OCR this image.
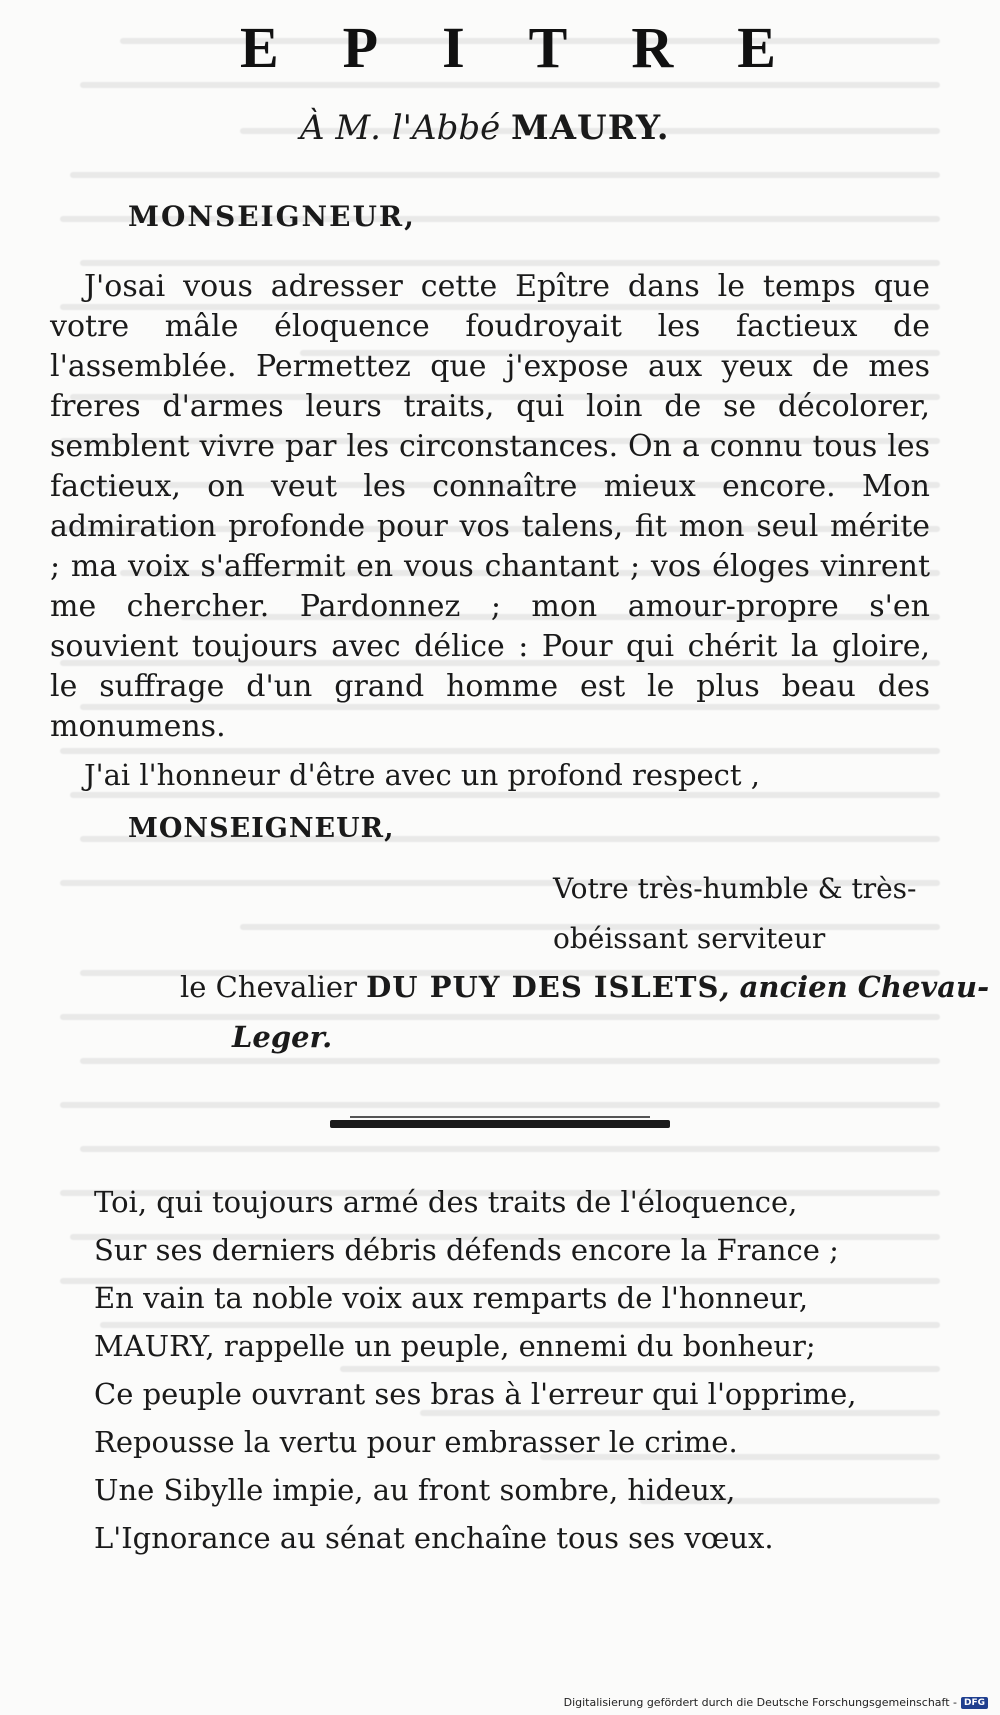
EPITRE
À M. l'Abbé MAURY.
MONSEIGNEUR,

J'osai vous adresser cette Epître dans le temps que votre mâle éloquence foudroyait les factieux de l'assemblée. Permettez que j'expose aux yeux de mes freres d'armes leurs traits, qui loin de se décolorer, semblent vivre par les circonstances. On a connu tous les factieux, on veut les connaître mieux encore. Mon admiration profonde pour vos talens, fit mon seul mérite ; ma voix s'affermit en vous chantant ; vos éloges vinrent me chercher. Pardonnez ; mon amour-propre s'en souvient toujours avec délice : Pour qui chérit la gloire, le suffrage d'un grand homme est le plus beau des monumens.

J'ai l'honneur d'être avec un profond respect ,
MONSEIGNEUR,
Votre très-humble & très-
obéissant serviteur
le Chevalier DU PUY DES ISLETS, ancien Chevau-
Leger.

Toi, qui toujours armé des traits de l'éloquence,

Sur ses derniers débris défends encore la France ;

En vain ta noble voix aux remparts de l'honneur,

MAURY, rappelle un peuple, ennemi du bonheur;

Ce peuple ouvrant ses bras à l'erreur qui l'opprime,

Repousse la vertu pour embrasser le crime.

Une Sibylle impie, au front sombre, hideux,

L'Ignorance au sénat enchaîne tous ses vœux.

Digitalisierung gefördert durch die Deutsche Forschungsgemeinschaft - DFG
